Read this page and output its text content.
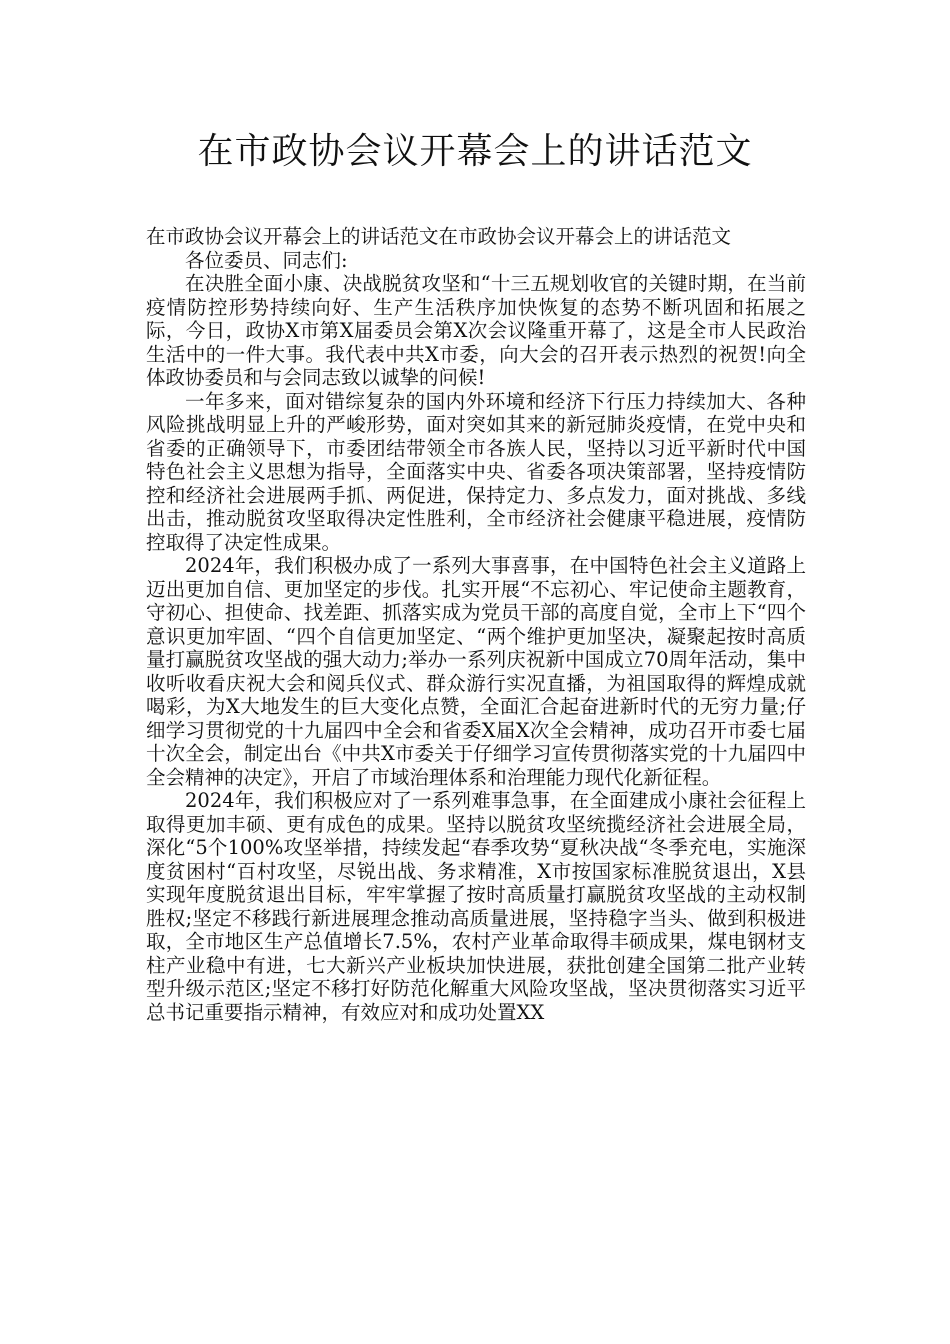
在市政协会议开幕会上的讲话范文

在市政协会议开幕会上的讲话范文在市政协会议开幕会上的讲话范文

各位委员、同志们:

在决胜全面小康、决战脱贫攻坚和“十三五规划收官的关键时期，在当前疫情防控形势持续向好、生产生活秩序加快恢复的态势不断巩固和拓展之际，今日，政协X市第X届委员会第X次会议隆重开幕了，这是全市人民政治生活中的一件大事。我代表中共X市委，向大会的召开表示热烈的祝贺!向全体政协委员和与会同志致以诚挚的问候!

一年多来，面对错综复杂的国内外环境和经济下行压力持续加大、各种风险挑战明显上升的严峻形势，面对突如其来的新冠肺炎疫情，在党中央和省委的正确领导下，市委团结带领全市各族人民，坚持以习近平新时代中国特色社会主义思想为指导，全面落实中央、省委各项决策部署，坚持疫情防控和经济社会进展两手抓、两促进，保持定力、多点发力，面对挑战、多线出击，推动脱贫攻坚取得决定性胜利，全市经济社会健康平稳进展，疫情防控取得了决定性成果。

2024年，我们积极办成了一系列大事喜事，在中国特色社会主义道路上迈出更加自信、更加坚定的步伐。扎实开展“不忘初心、牢记使命主题教育，守初心、担使命、找差距、抓落实成为党员干部的高度自觉，全市上下“四个意识更加牢固、“四个自信更加坚定、“两个维护更加坚决，凝聚起按时高质量打赢脱贫攻坚战的强大动力;举办一系列庆祝新中国成立70周年活动，集中收听收看庆祝大会和阅兵仪式、群众游行实况直播，为祖国取得的辉煌成就喝彩，为X大地发生的巨大变化点赞，全面汇合起奋进新时代的无穷力量;仔细学习贯彻党的十九届四中全会和省委X届X次全会精神，成功召开市委七届十次全会，制定出台《中共X市委关于仔细学习宣传贯彻落实党的十九届四中全会精神的决定》，开启了市域治理体系和治理能力现代化新征程。

2024年，我们积极应对了一系列难事急事，在全面建成小康社会征程上取得更加丰硕、更有成色的成果。坚持以脱贫攻坚统揽经济社会进展全局，深化“5个100%攻坚举措，持续发起“春季攻势“夏秋决战“冬季充电，实施深度贫困村“百村攻坚，尽锐出战、务求精准，X市按国家标准脱贫退出，X县实现年度脱贫退出目标，牢牢掌握了按时高质量打赢脱贫攻坚战的主动权制胜权;坚定不移践行新进展理念推动高质量进展，坚持稳字当头、做到积极进取，全市地区生产总值增长7.5%，农村产业革命取得丰硕成果，煤电钢材支柱产业稳中有进，七大新兴产业板块加快进展，获批创建全国第二批产业转型升级示范区;坚定不移打好防范化解重大风险攻坚战，坚决贯彻落实习近平总书记重要指示精神，有效应对和成功处置XX
